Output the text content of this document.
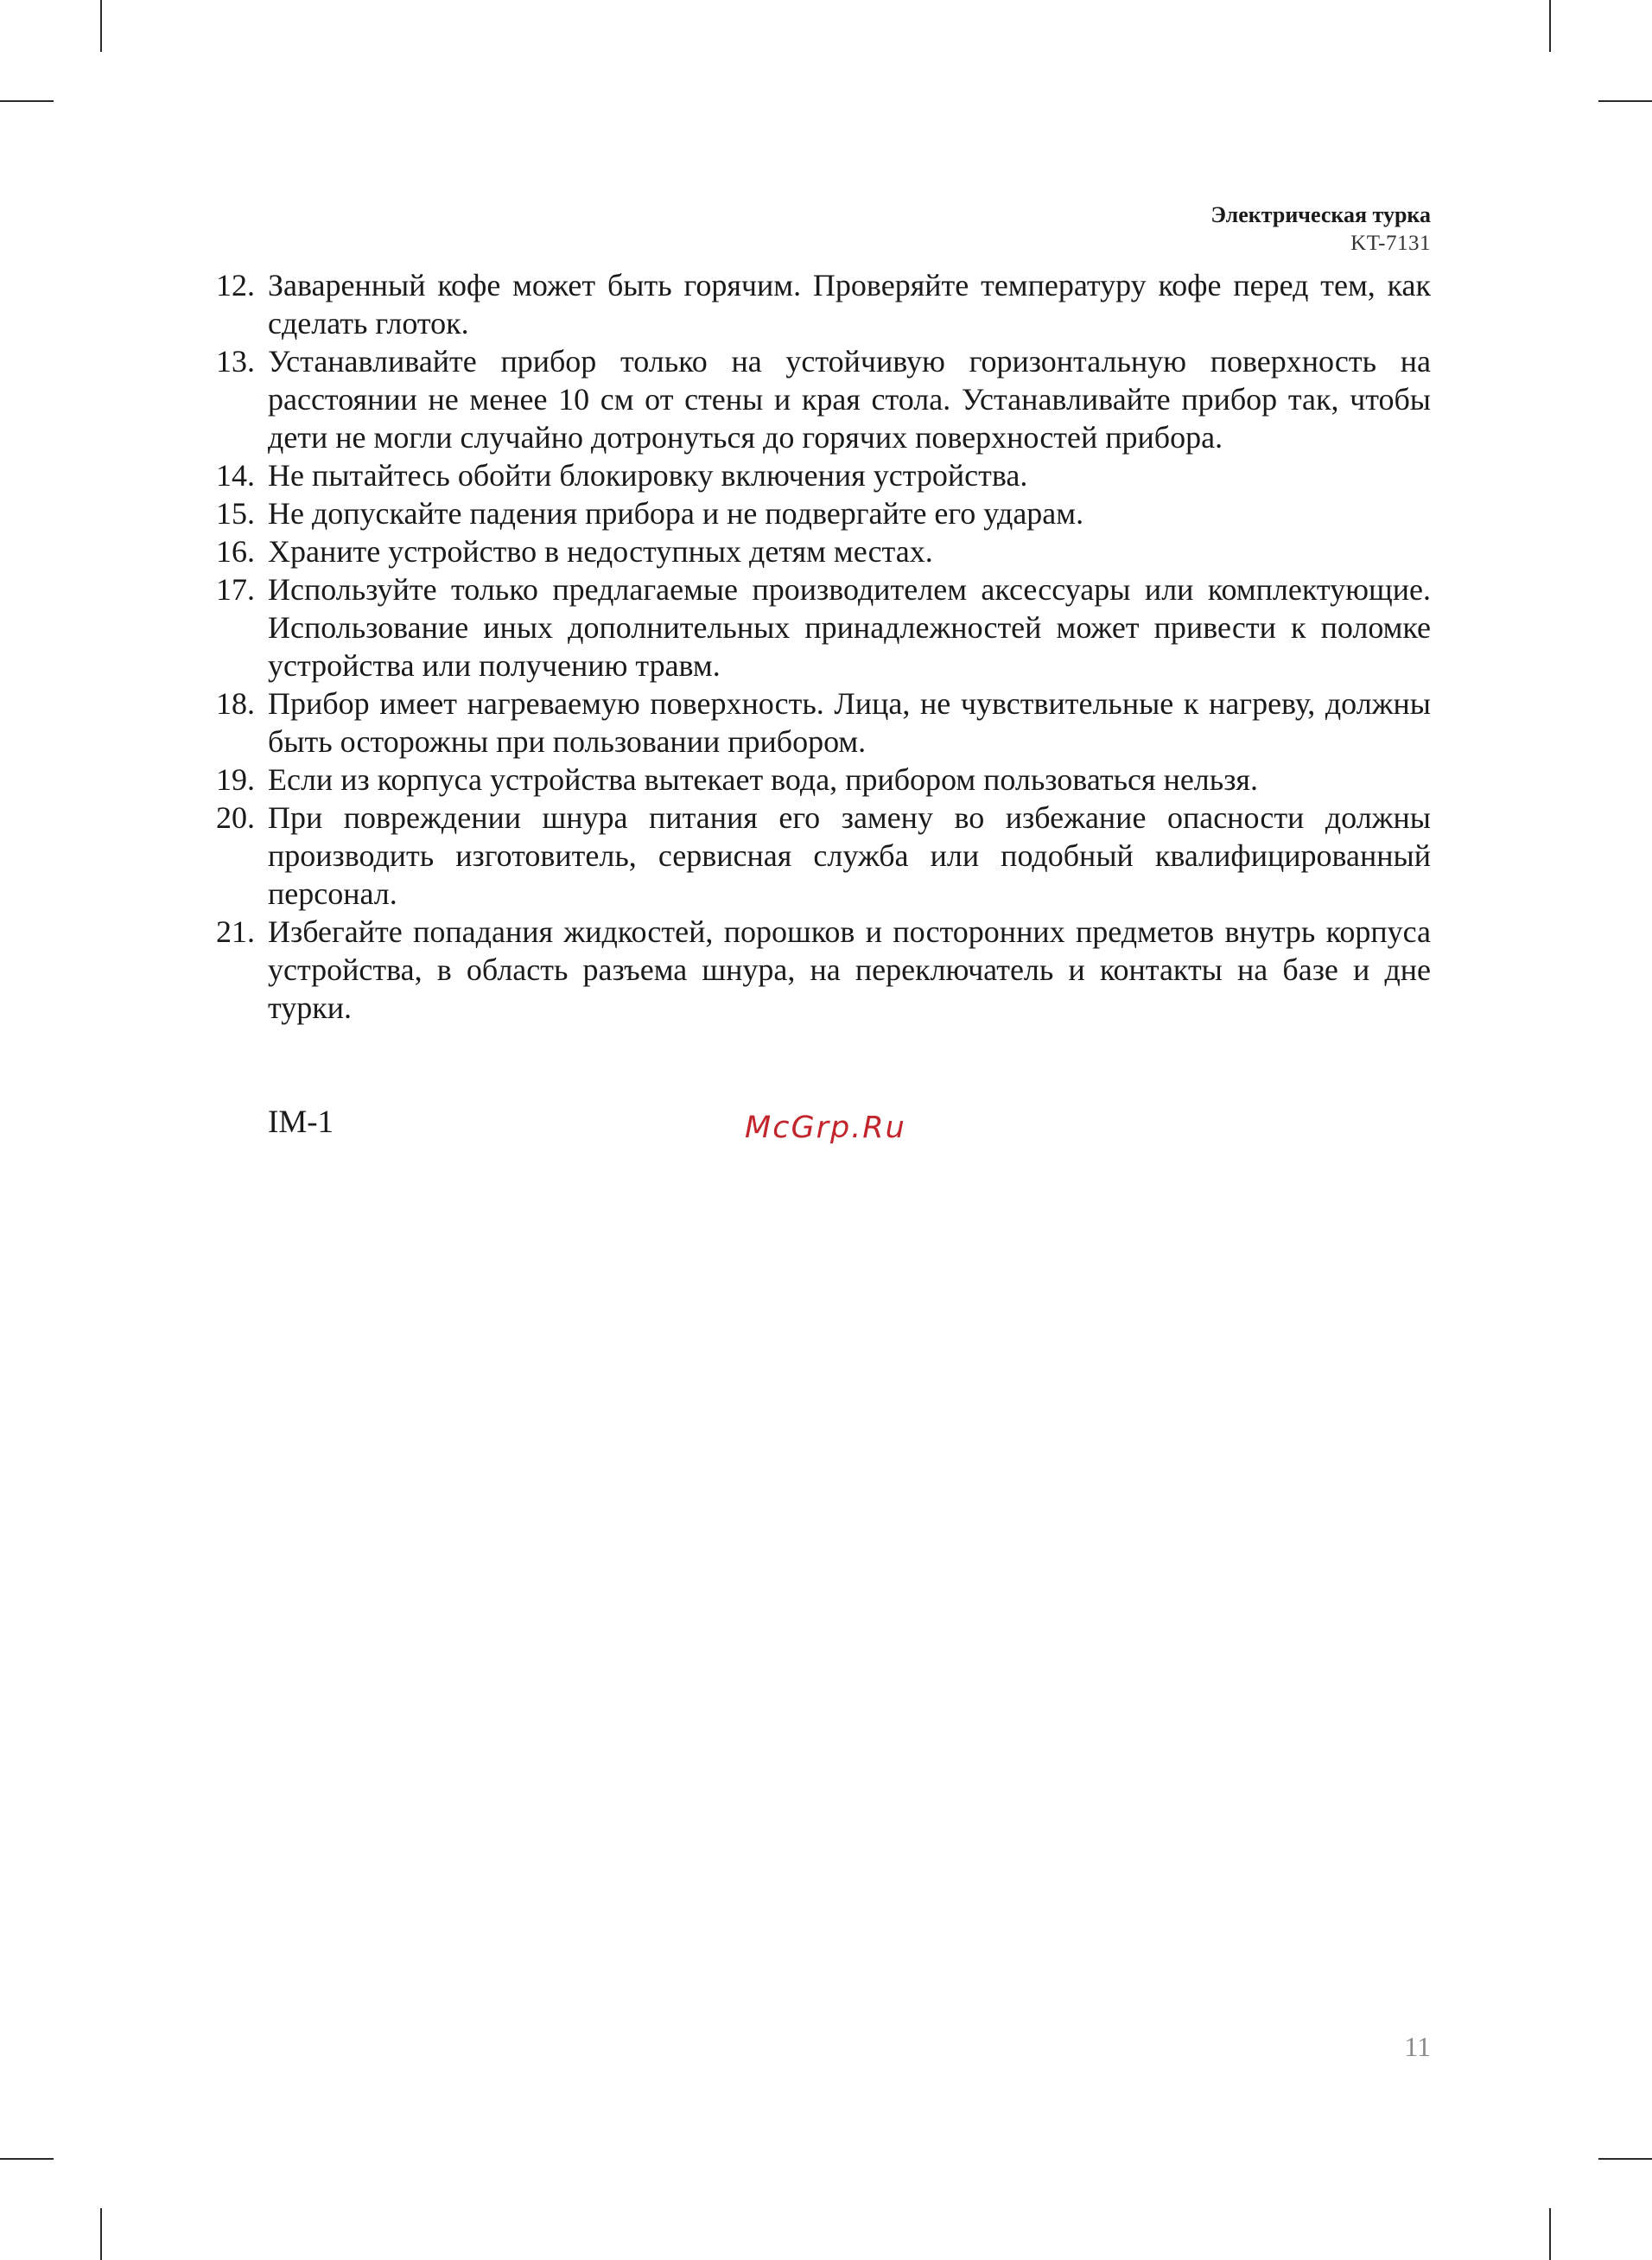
Электрическая турка
KT-7131
12. Заваренный кофе может быть горячим. Проверяйте температуру кофе перед тем, как сделать глоток.
13. Устанавливайте прибор только на устойчивую горизонтальную поверхность на расстоянии не менее 10 см от стены и края стола. Устанавливайте прибор так, чтобы дети не могли случайно дотронуться до горячих поверхностей прибора.
14. Не пытайтесь обойти блокировку включения устройства.
15. Не допускайте падения прибора и не подвергайте его ударам.
16. Храните устройство в недоступных детям местах.
17. Используйте только предлагаемые производителем аксессуары или комплектующие. Использование иных дополнительных принадлежностей может привести к поломке устройства или получению травм.
18. Прибор имеет нагреваемую поверхность. Лица, не чувствительные к нагреву, должны быть осторожны при пользовании прибором.
19. Если из корпуса устройства вытекает вода, прибором пользоваться нельзя.
20. При повреждении шнура питания его замену во избежание опасности должны производить изготовитель, сервисная служба или подобный квалифицированный персонал.
21. Избегайте попадания жидкостей, порошков и посторонних предметов внутрь корпуса устройства, в область разъема шнура, на переключатель и контакты на базе и дне турки.
IM-1	McGrp.Ru
11
